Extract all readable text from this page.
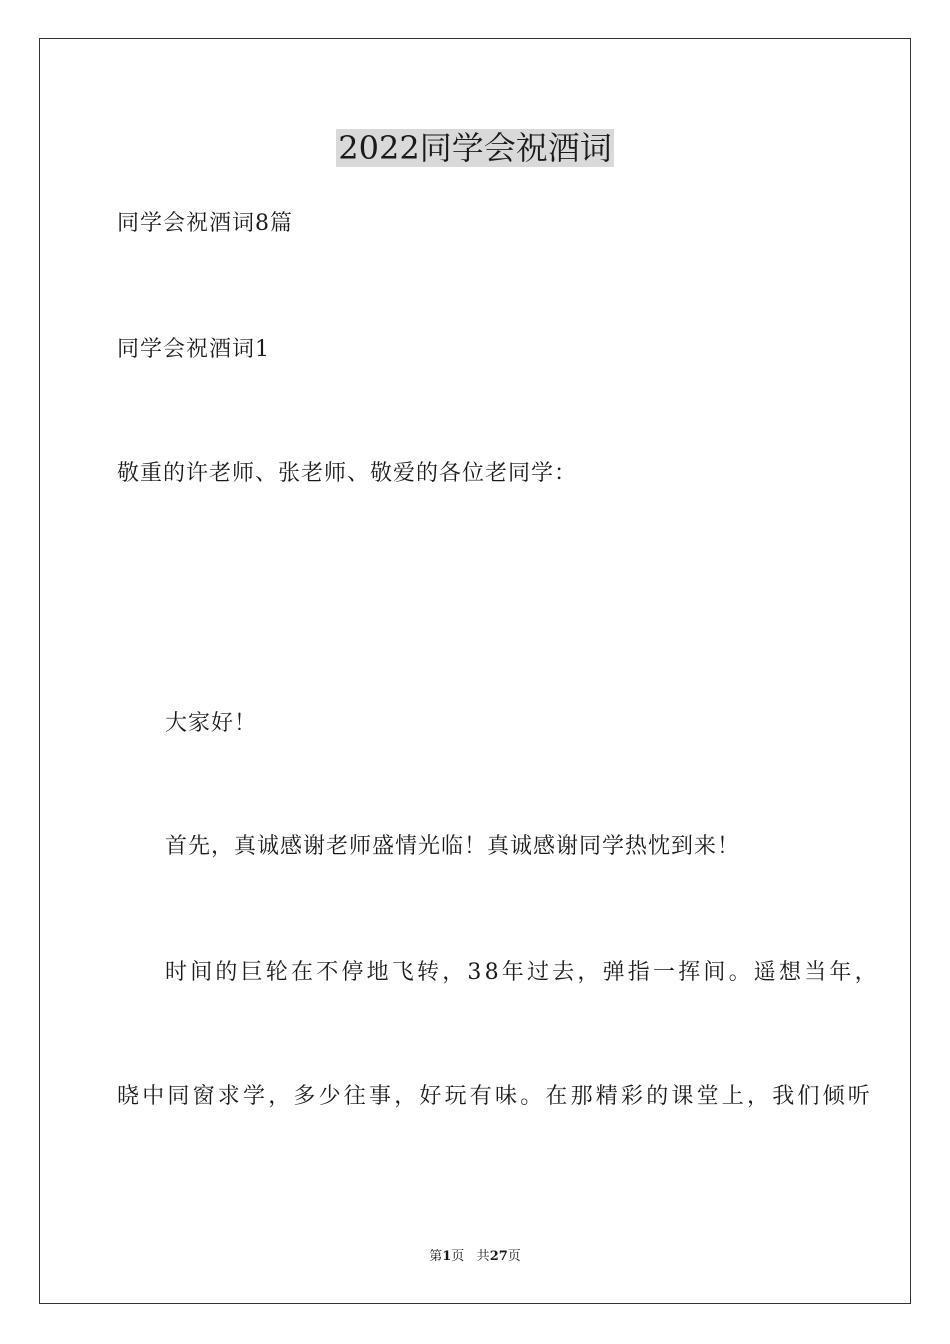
2022同学会祝酒词
同学会祝酒词8篇
同学会祝酒词1
敬重的许老师、张老师、敬爱的各位老同学：
大家好！
首先，真诚感谢老师盛情光临！真诚感谢同学热忱到来！
时间的巨轮在不停地飞转，38年过去，弹指一挥间。遥想当年，
晓中同窗求学，多少往事，好玩有味。在那精彩的课堂上，我们倾听
第1页 共27页
